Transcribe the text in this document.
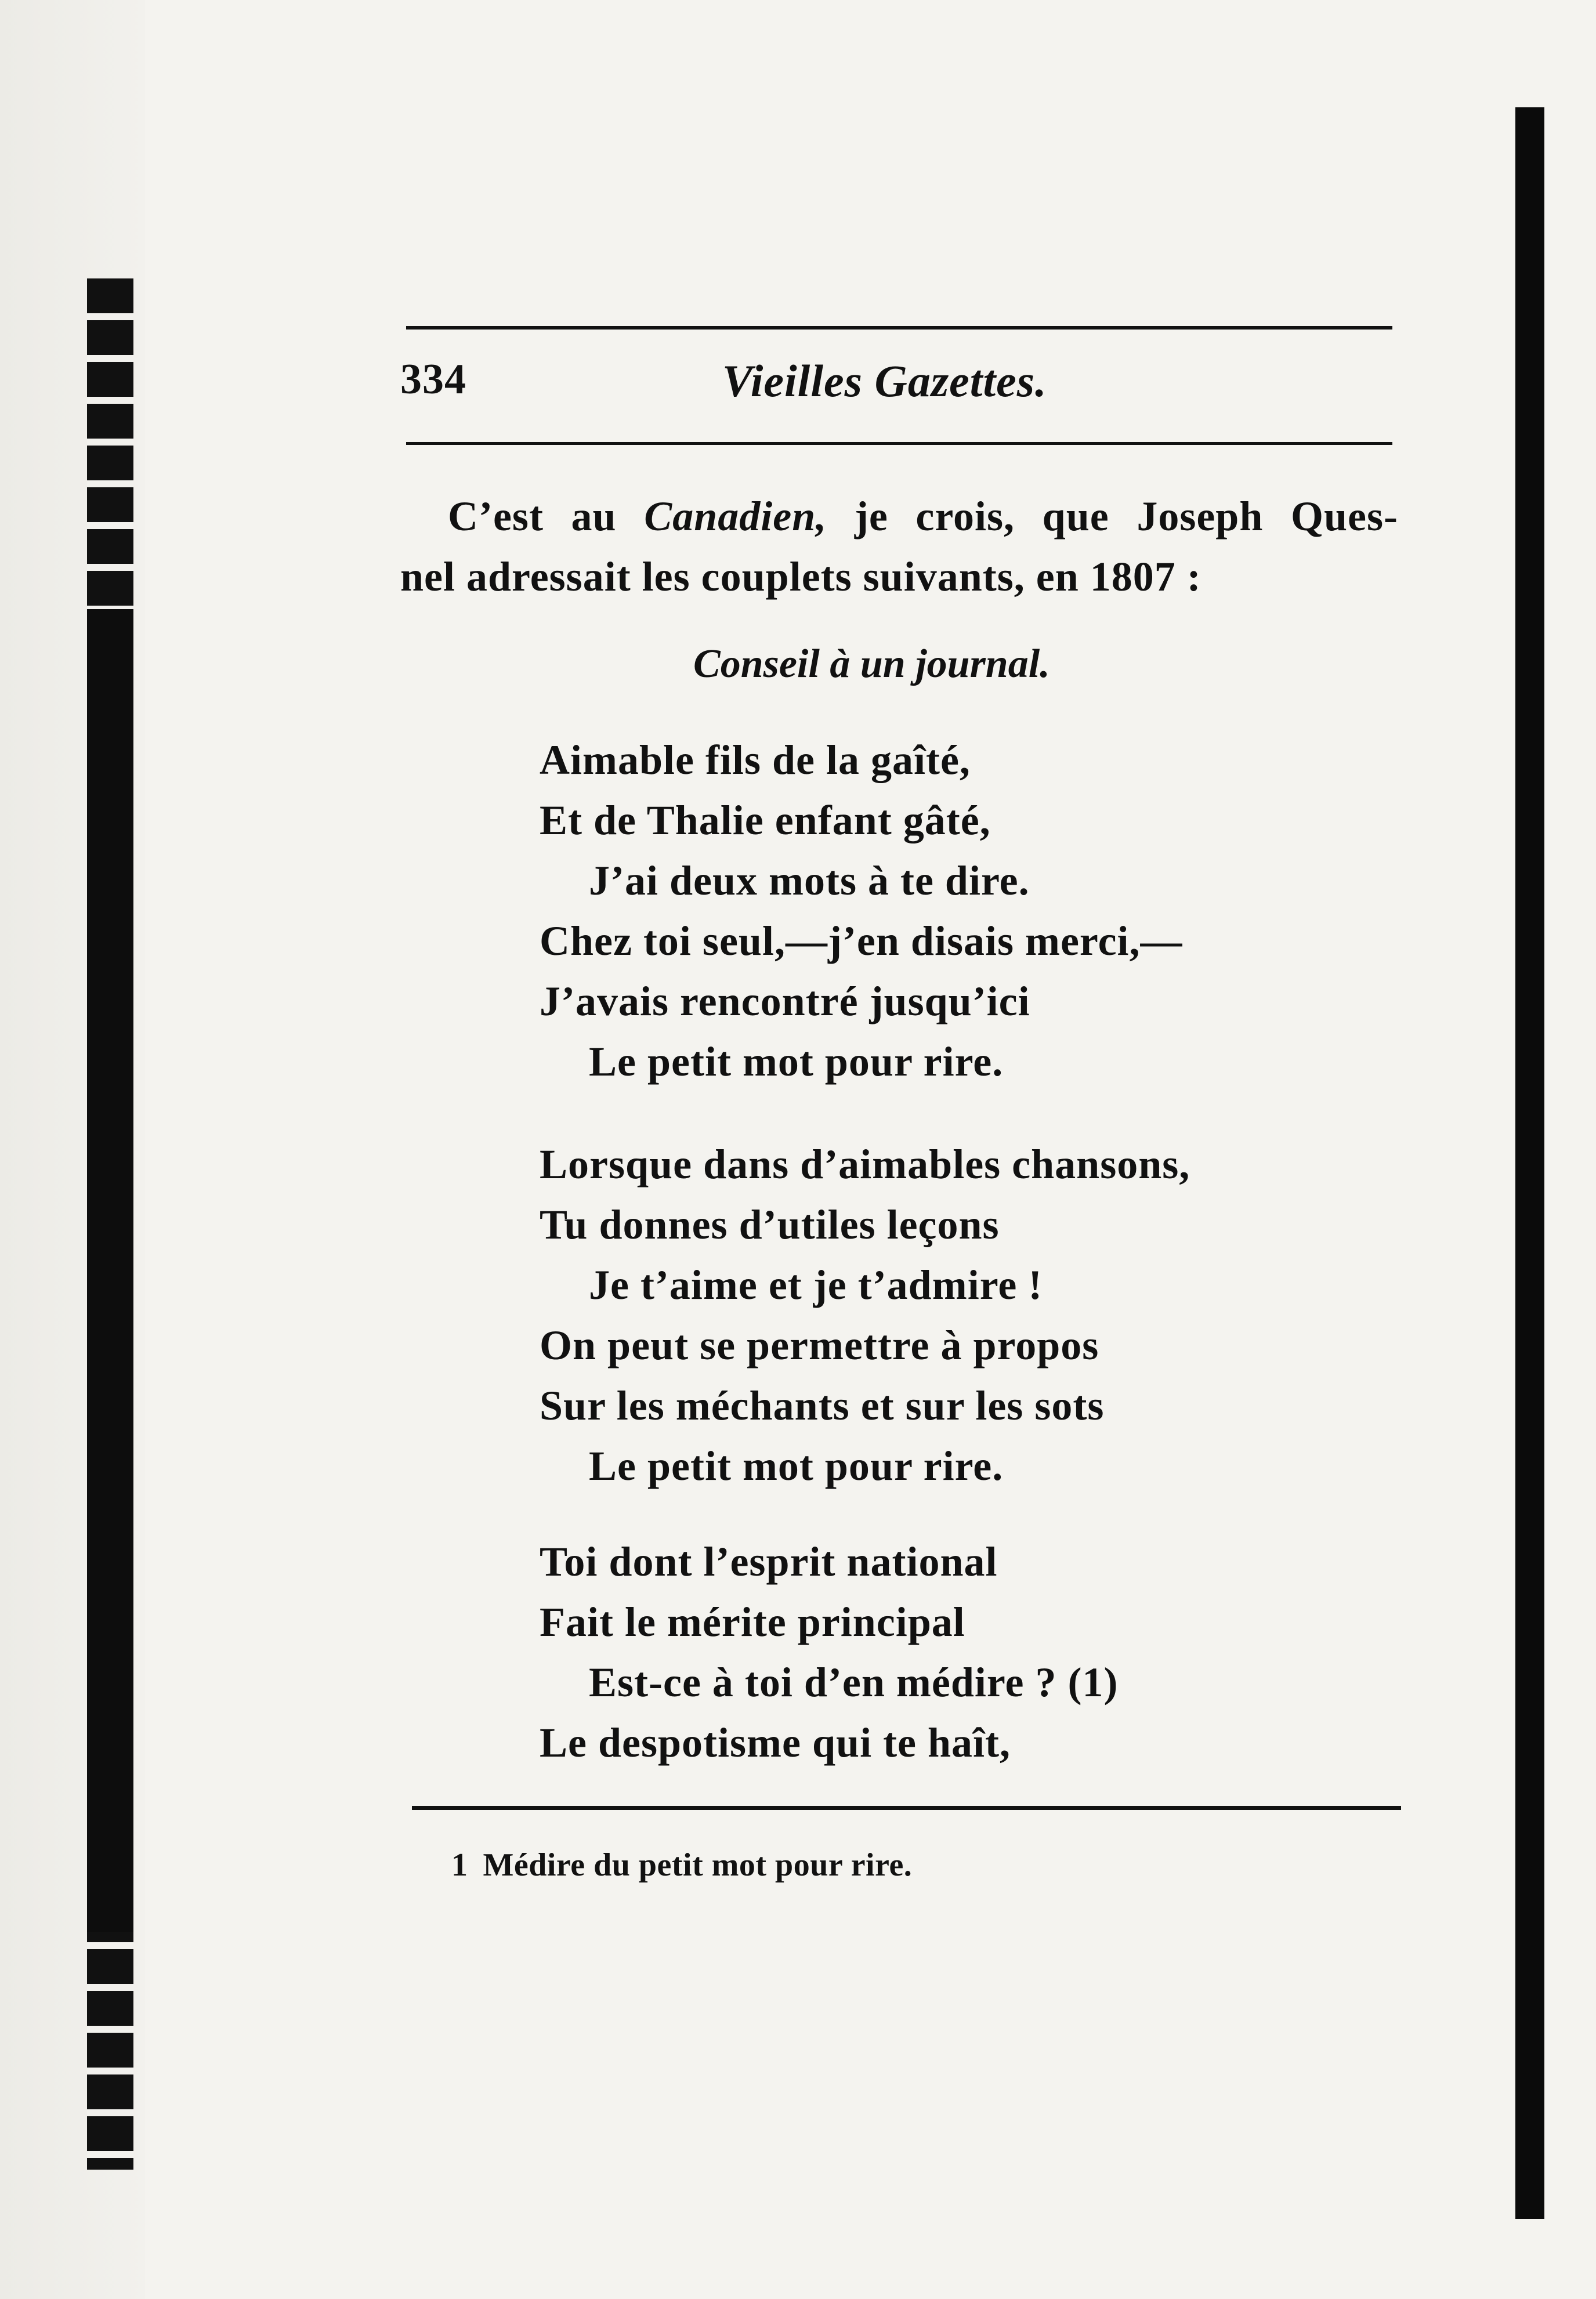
334	Vieilles Gazettes.
C’est au Canadien, je crois, que Joseph Ques-
nel adressait les couplets suivants, en 1807 :
Conseil à un journal.
Aimable fils de la gaîté,
Et de Thalie enfant gâté,
J’ai deux mots à te dire.
Chez toi seul,—j’en disais merci,—
J’avais rencontré jusqu’ici
Le petit mot pour rire.
Lorsque dans d’aimables chansons,
Tu donnes d’utiles leçons
Je t’aime et je t’admire !
On peut se permettre à propos
Sur les méchants et sur les sots
Le petit mot pour rire.
Toi dont l’esprit national
Fait le mérite principal
Est-ce à toi d’en médire ? (1)
Le despotisme qui te haît,
1 Médire du petit mot pour rire.
